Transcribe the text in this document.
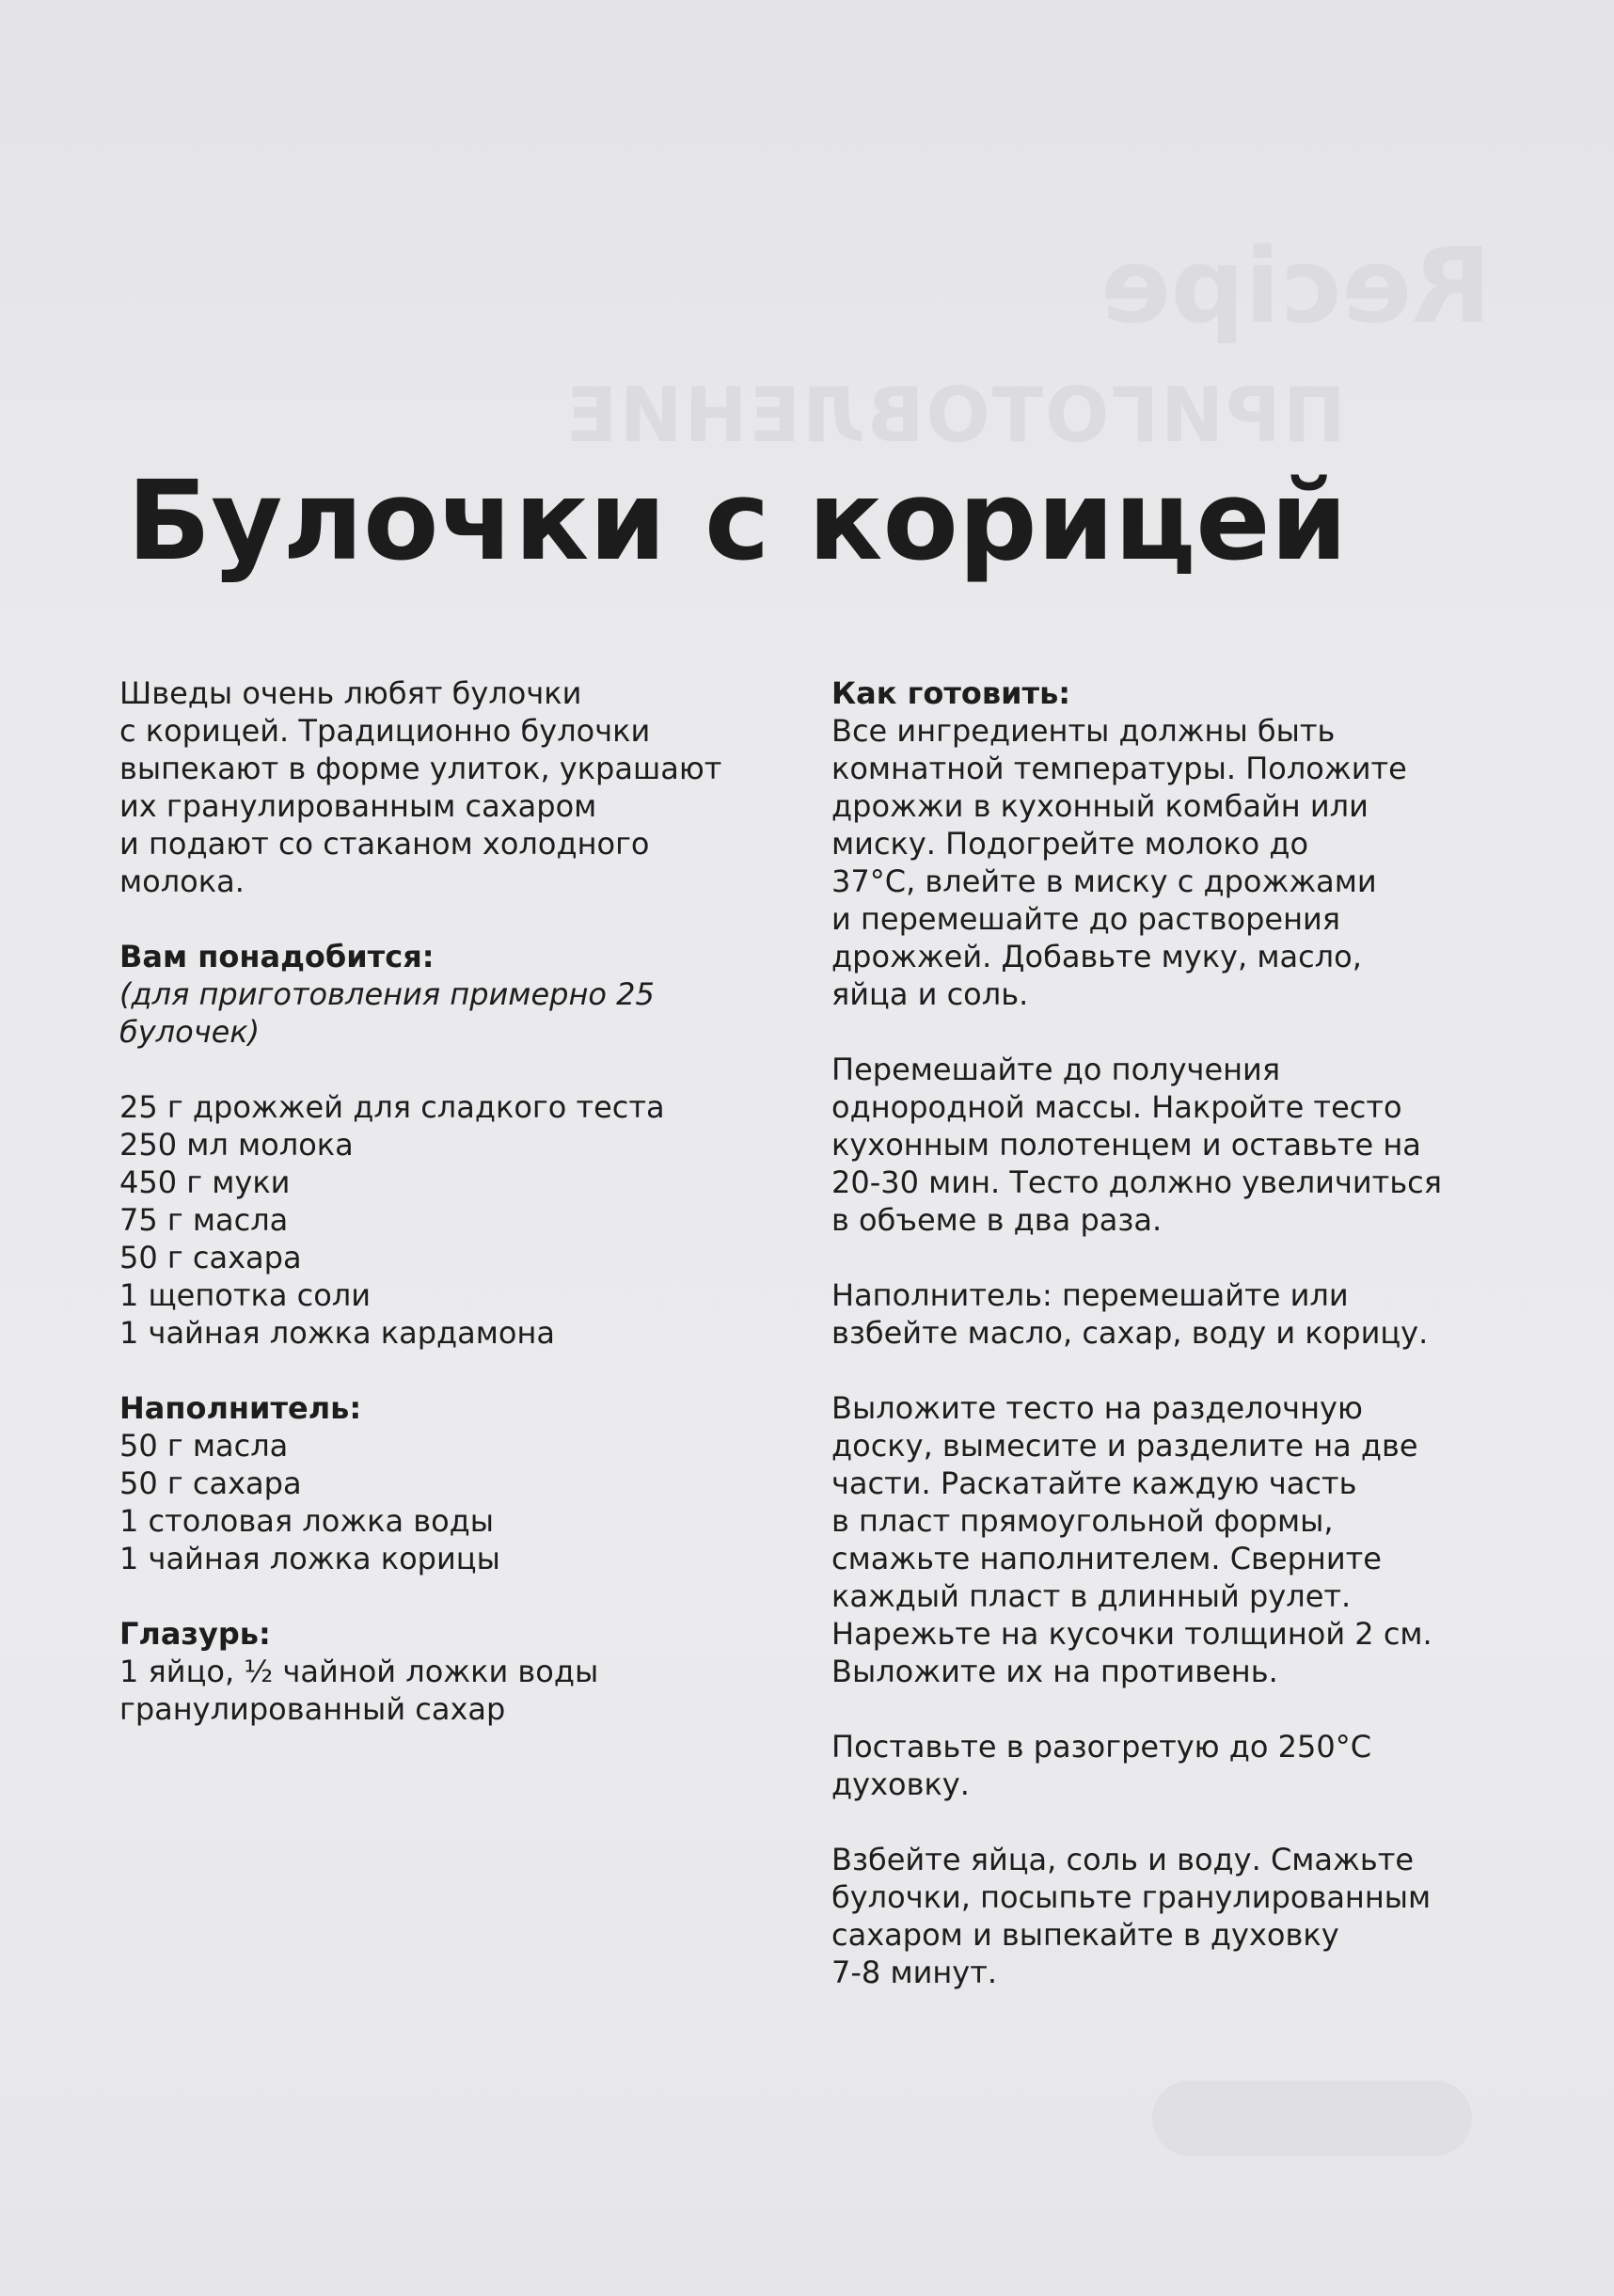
Recipe
ПРИГОТОВЛЕНИЕ
Булочки с корицей
Шведы очень любят булочки
с корицей. Традиционно булочки
выпекают в форме улиток, украшают
их гранулированным сахаром
и подают со стаканом холодного
молока.
Вам понадобится:
(для приготовления примерно 25
булочек)
25 г дрожжей для сладкого теста
250 мл молока
450 г муки
75 г масла
50 г сахара
1 щепотка соли
1 чайная ложка кардамона
Наполнитель:
50 г масла
50 г сахара
1 столовая ложка воды
1 чайная ложка корицы
Глазурь:
1 яйцо, ½ чайной ложки воды
гранулированный сахар
Как готовить:
Все ингредиенты должны быть
комнатной температуры. Положите
дрожжи в кухонный комбайн или
миску. Подогрейте молоко до
37°С, влейте в миску с дрожжами
и перемешайте до растворения
дрожжей. Добавьте муку, масло,
яйца и соль.
Перемешайте до получения
однородной массы. Накройте тесто
кухонным полотенцем и оставьте на
20-30 мин. Тесто должно увеличиться
в объеме в два раза.
Наполнитель: перемешайте или
взбейте масло, сахар, воду и корицу.
Выложите тесто на разделочную
доску, вымесите и разделите на две
части. Раскатайте каждую часть
в пласт прямоугольной формы,
смажьте наполнителем. Сверните
каждый пласт в длинный рулет.
Нарежьте на кусочки толщиной 2 см.
Выложите их на противень.
Поставьте в разогретую до 250°С
духовку.
Взбейте яйца, соль и воду. Смажьте
булочки, посыпьте гранулированным
сахаром и выпекайте в духовку
7-8 минут.
